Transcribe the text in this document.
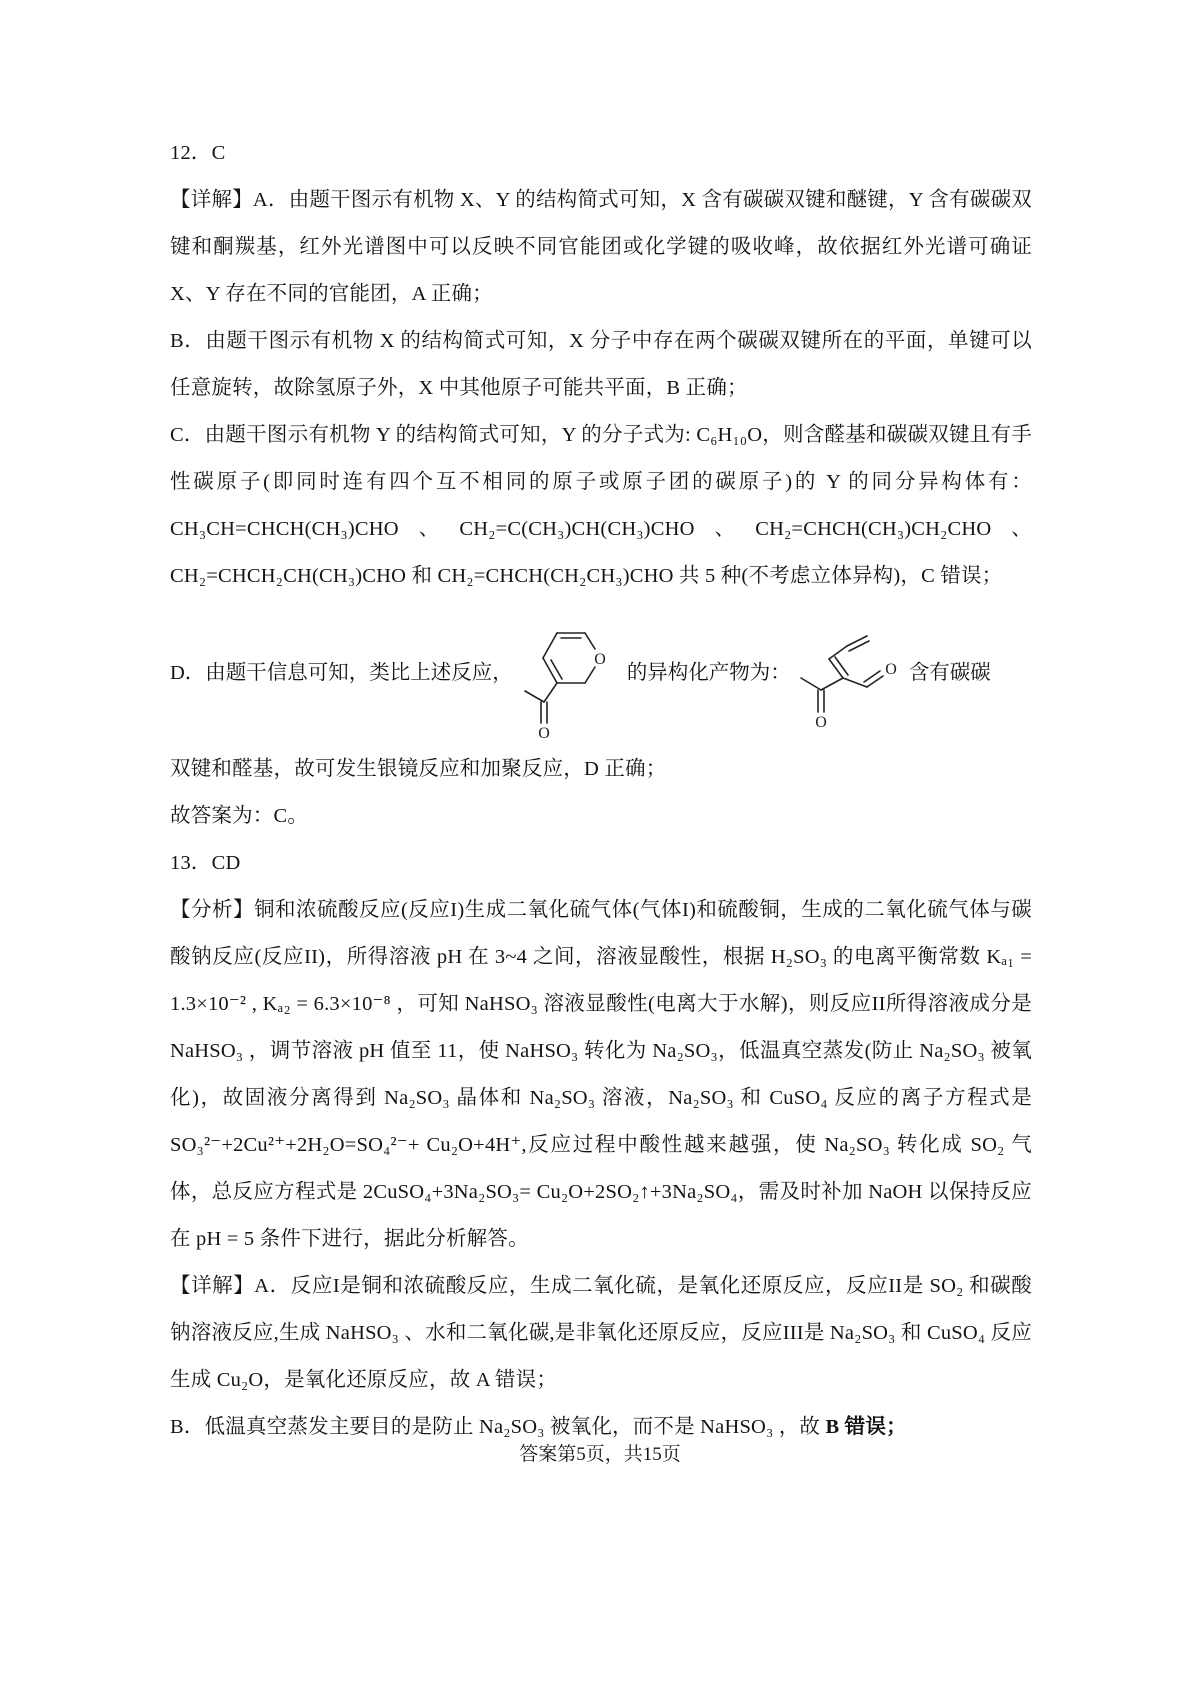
12．C

【详解】A．由题干图示有机物 X、Y 的结构简式可知，X 含有碳碳双键和醚键，Y 含有碳碳双键和酮羰基，红外光谱图中可以反映不同官能团或化学键的吸收峰，故依据红外光谱可确证 X、Y 存在不同的官能团，A 正确；

B．由题干图示有机物 X 的结构简式可知，X 分子中存在两个碳碳双键所在的平面，单键可以任意旋转，故除氢原子外，X 中其他原子可能共平面，B 正确；

C．由题干图示有机物 Y 的结构简式可知，Y 的分子式为: C₆H₁₀O，则含醛基和碳碳双键且有手性碳原子(即同时连有四个互不相同的原子或原子团的碳原子)的 Y 的同分异构体有：CH₃CH=CHCH(CH₃)CHO、CH₂=C(CH₃)CH(CH₃)CHO、CH₂=CHCH(CH₃)CH₂CHO、CH₂=CHCH₂CH(CH₃)CHO 和 CH₂=CHCH(CH₂CH₃)CHO 共 5 种(不考虑立体异构)，C 错误；

D．由题干信息可知，类比上述反应，
O
O
的异构化产物为：	O
O
含有碳碳

双键和醛基，故可发生银镜反应和加聚反应，D 正确；

故答案为：C。

13．CD

【分析】铜和浓硫酸反应(反应I)生成二氧化硫气体(气体I)和硫酸铜，生成的二氧化硫气体与碳酸钠反应(反应II)，所得溶液 pH 在 3~4 之间，溶液显酸性，根据 H₂SO₃ 的电离平衡常数 Kₐ₁ = 1.3×10⁻² , Kₐ₂ = 6.3×10⁻⁸ ，可知 NaHSO₃ 溶液显酸性(电离大于水解)，则反应II所得溶液成分是 NaHSO₃ ，调节溶液 pH 值至 11，使 NaHSO₃ 转化为 Na₂SO₃，低温真空蒸发(防止 Na₂SO₃ 被氧化)，故固液分离得到 Na₂SO₃ 晶体和 Na₂SO₃ 溶液，Na₂SO₃ 和 CuSO₄ 反应的离子方程式是 SO₃²⁻+2Cu²⁺+2H₂O=SO₄²⁻+ Cu₂O+4H⁺,反应过程中酸性越来越强，使 Na₂SO₃ 转化成 SO₂ 气体，总反应方程式是 2CuSO₄+3Na₂SO₃= Cu₂O+2SO₂↑+3Na₂SO₄，需及时补加 NaOH 以保持反应在 pH = 5 条件下进行，据此分析解答。

【详解】A．反应I是铜和浓硫酸反应，生成二氧化硫，是氧化还原反应，反应II是 SO₂ 和碳酸钠溶液反应,生成 NaHSO₃ 、水和二氧化碳,是非氧化还原反应，反应III是 Na₂SO₃ 和 CuSO₄ 反应生成 Cu₂O，是氧化还原反应，故 A 错误；

B．低温真空蒸发主要目的是防止 Na₂SO₃ 被氧化，而不是 NaHSO₃ ，故 B 错误；

答案第5页，共15页
